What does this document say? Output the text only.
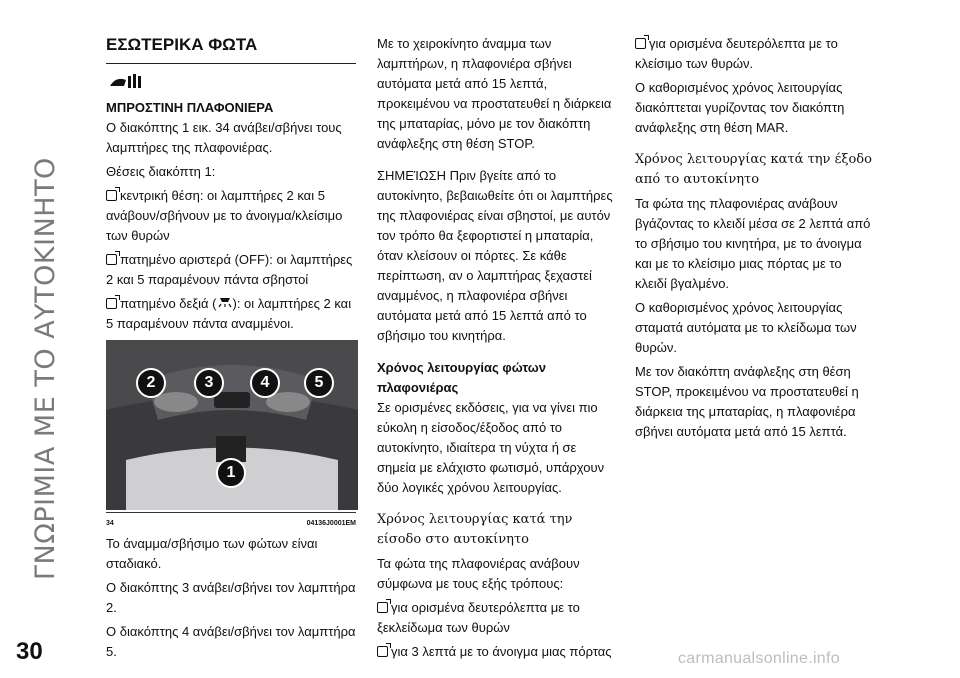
ΓΝΩΡΙΜΙΑ ΜΕ ΤΟ ΑΥΤΟΚΙΝΗΤΟ
ΕΣΩΤΕΡΙΚΑ ΦΩΤΑ
ΜΠΡΟΣΤΙΝΗ ΠΛΑΦΟΝΙΕΡΑ
Ο διακόπτης 1 εικ. 34 ανάβει/σβήνει τους λαμπτήρες της πλαφονιέρας.
Θέσεις διακόπτη 1:
κεντρική θέση: οι λαμπτήρες 2 και 5 ανάβουν/σβήνουν με το άνοιγμα/κλείσιμο των θυρών
πατημένο αριστερά (OFF): οι λαμπτήρες 2 και 5 παραμένουν πάντα σβηστοί
πατημένο δεξιά ( ): οι λαμπτήρες 2 και 5 παραμένουν πάντα αναμμένοι.
2	3	4	5
1
34	04136J0001EM
Το άναμμα/σβήσιμο των φώτων είναι σταδιακό.
Ο διακόπτης 3 ανάβει/σβήνει τον λαμπτήρα 2.
Ο διακόπτης 4 ανάβει/σβήνει τον λαμπτήρα 5.
Με το χειροκίνητο άναμμα των λαμπτήρων, η πλαφονιέρα σβήνει αυτόματα μετά από 15 λεπτά, προκειμένου να προστατευθεί η διάρκεια της μπαταρίας, μόνο με τον διακόπτη ανάφλεξης στη θέση STOP.
ΣΗΜΕΊΩΣΗ Πριν βγείτε από το αυτοκίνητο, βεβαιωθείτε ότι οι λαμπτήρες της πλαφονιέρας είναι σβηστοί, με αυτόν τον τρόπο θα ξεφορτιστεί η μπαταρία, όταν κλείσουν οι πόρτες. Σε κάθε περίπτωση, αν ο λαμπτήρας ξεχαστεί αναμμένος, η πλαφονιέρα σβήνει αυτόματα μετά από 15 λεπτά από το σβήσιμο του κινητήρα.
Χρόνος λειτουργίας φώτων πλαφονιέρας
Σε ορισμένες εκδόσεις, για να γίνει πιο εύκολη η είσοδος/έξοδος από το αυτοκίνητο, ιδιαίτερα τη νύχτα ή σε σημεία με ελάχιστο φωτισμό, υπάρχουν δύο λογικές χρόνου λειτουργίας.
Χρόνος λειτουργίας κατά την είσοδο στο αυτοκίνητο
Τα φώτα της πλαφονιέρας ανάβουν σύμφωνα με τους εξής τρόπους:
για ορισμένα δευτερόλεπτα με το ξεκλείδωμα των θυρών
για 3 λεπτά με το άνοιγμα μιας πόρτας
για ορισμένα δευτερόλεπτα με το κλείσιμο των θυρών.
Ο καθορισμένος χρόνος λειτουργίας διακόπτεται γυρίζοντας τον διακόπτη ανάφλεξης στη θέση MAR.
Χρόνος λειτουργίας κατά την έξοδο
από το αυτοκίνητο
Τα φώτα της πλαφονιέρας ανάβουν βγάζοντας το κλειδί μέσα σε 2 λεπτά από το σβήσιμο του κινητήρα, με το άνοιγμα και με το κλείσιμο μιας πόρτας με το κλειδί βγαλμένο.
Ο καθορισμένος χρόνος λειτουργίας σταματά αυτόματα με το κλείδωμα των θυρών.
Με τον διακόπτη ανάφλεξης στη θέση STOP, προκειμένου να προστατευθεί η διάρκεια της μπαταρίας, η πλαφονιέρα σβήνει αυτόματα μετά από 15 λεπτά.
30	carmanualsonline.info
